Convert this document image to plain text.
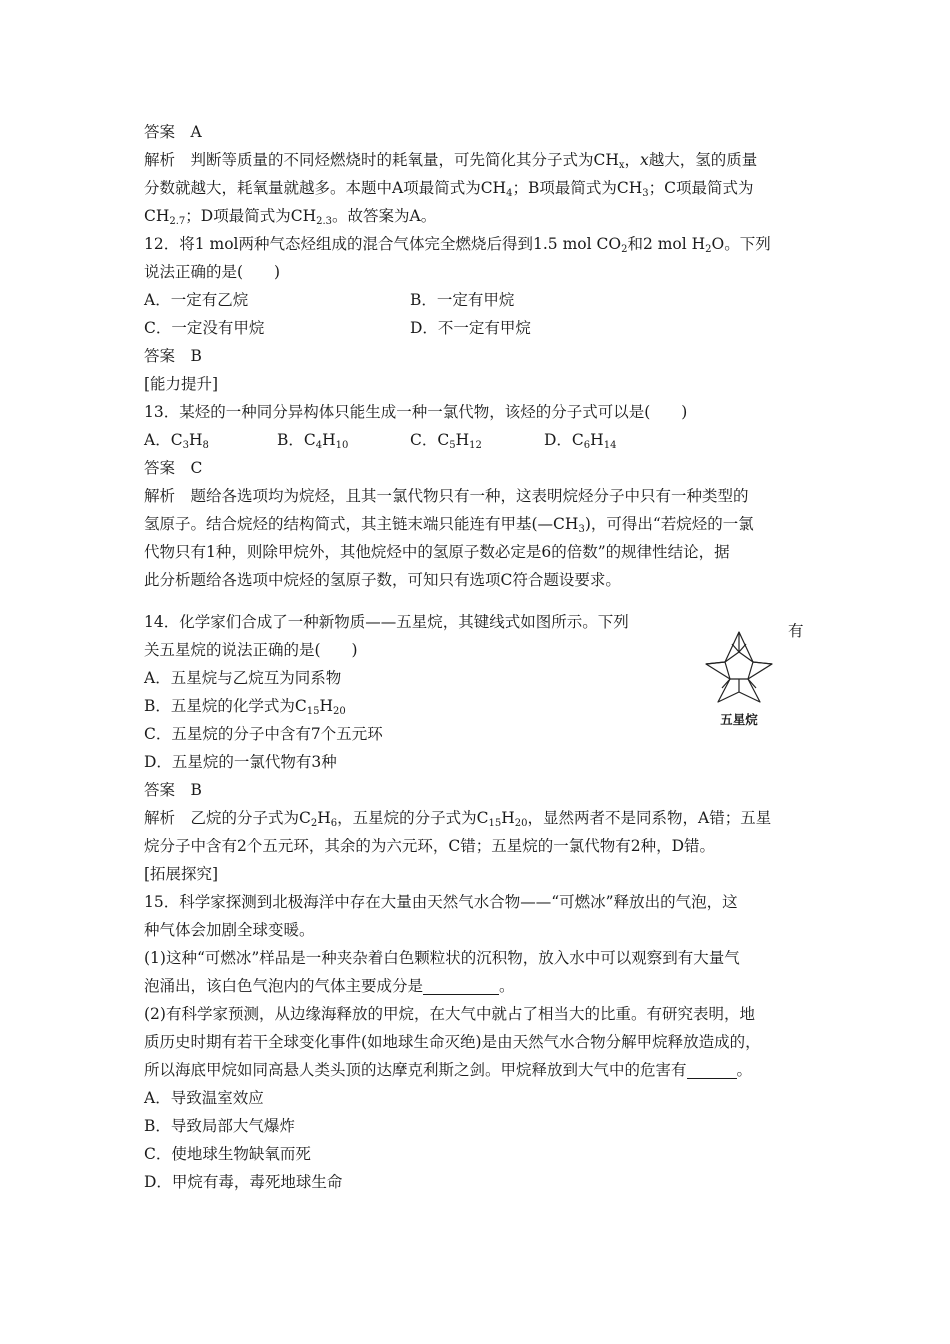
答案　A
解析　判断等质量的不同烃燃烧时的耗氧量，可先简化其分子式为$CH_x$，x越大，氢的质量
分数就越大，耗氧量就越多。本题中A项最简式为$CH_4$；B项最简式为$CH_3$；C项最简式为
$CH_{2.7}$；D项最简式为$CH_{2.3}$。故答案为A。
12．将1 mol两种气态烃组成的混合气体完全燃烧后得到1.5 mol $CO_2$和2 mol $H_2O$。下列
说法正确的是(　　)
A．一定有乙烷	B．一定有甲烷
C．一定没有甲烷	D．不一定有甲烷
答案　B
[能力提升]
13．某烃的一种同分异构体只能生成一种一氯代物，该烃的分子式可以是(　　)
A．$C_3H_8$	B．$C_4H_{10}$	C．$C_5H_{12}$	D．$C_6H_{14}$
答案　C
解析　题给各选项均为烷烃，且其一氯代物只有一种，这表明烷烃分子中只有一种类型的
氢原子。结合烷烃的结构简式，其主链末端只能连有甲基$(—CH_3)$，可得出“若烷烃的一氯
代物只有1种，则除甲烷外，其他烷烃中的氢原子数必定是6的倍数”的规律性结论，据
此分析题给各选项中烷烃的氢原子数，可知只有选项C符合题设要求。
14．化学家们合成了一种新物质——五星烷，其键线式如图所示。下列
关五星烷的说法正确的是(　　)
A．五星烷与乙烷互为同系物
B．五星烷的化学式为$C_{15}H_{20}$
C．五星烷的分子中含有7个五元环
D．五星烷的一氯代物有3种
答案　B
解析　乙烷的分子式为$C_2H_6$，五星烷的分子式为$C_{15}H_{20}$，显然两者不是同系物，A错；五星
烷分子中含有2个五元环，其余的为六元环，C错；五星烷的一氯代物有2种，D错。
[拓展探究]
15．科学家探测到北极海洋中存在大量由天然气水合物——“可燃冰”释放出的气泡，这
种气体会加剧全球变暖。
(1)这种“可燃冰”样品是一种夹杂着白色颗粒状的沉积物，放入水中可以观察到有大量气
泡涌出，该白色气泡内的气体主要成分是	。
(2)有科学家预测，从边缘海释放的甲烷，在大气中就占了相当大的比重。有研究表明，地
质历史时期有若干全球变化事件(如地球生命灭绝)是由天然气水合物分解甲烷释放造成的，
所以海底甲烷如同高悬人类头顶的达摩克利斯之剑。甲烷释放到大气中的危害有	。
A．导致温室效应
B．导致局部大气爆炸
C．使地球生物缺氧而死
D．甲烷有毒，毒死地球生命
有
五星烷
